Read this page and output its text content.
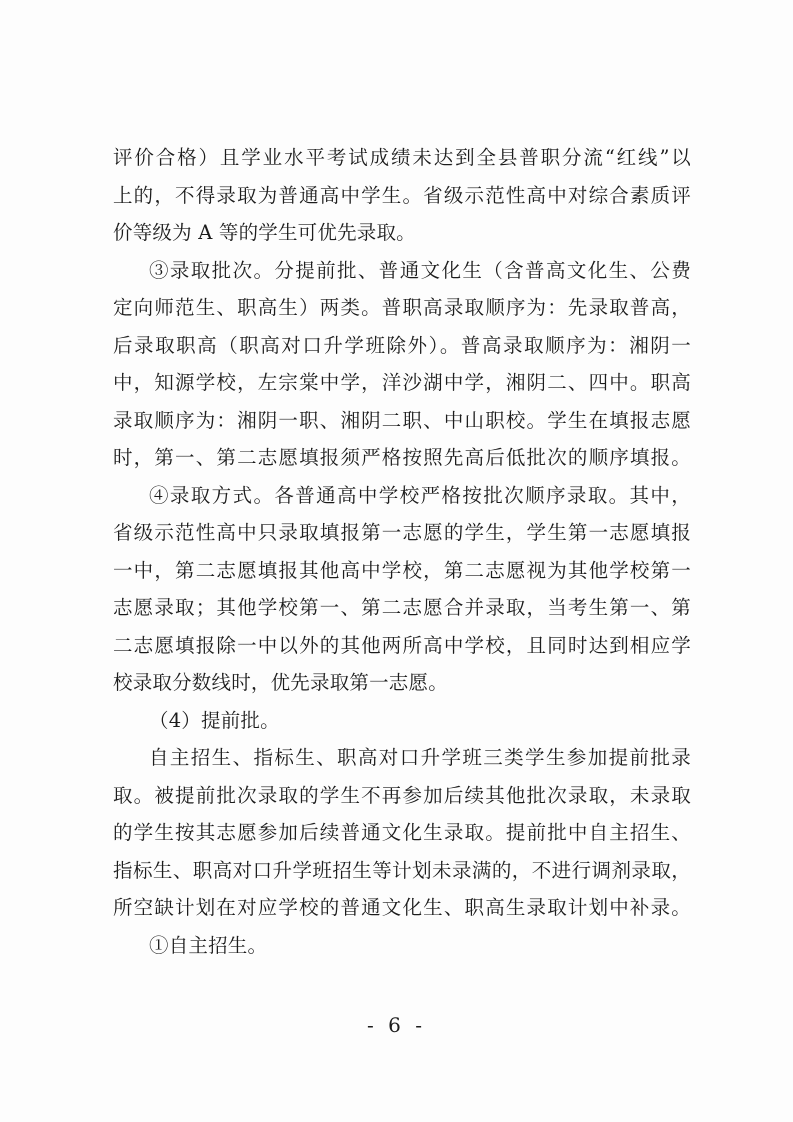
评价合格）且学业水平考试成绩未达到全县普职分流“红线”以
上的，不得录取为普通高中学生。省级示范性高中对综合素质评
价等级为 A 等的学生可优先录取。
③录取批次。分提前批、普通文化生（含普高文化生、公费
定向师范生、职高生）两类。普职高录取顺序为：先录取普高，
后录取职高（职高对口升学班除外）。普高录取顺序为：湘阴一
中，知源学校，左宗棠中学，洋沙湖中学，湘阴二、四中。职高
录取顺序为：湘阴一职、湘阴二职、中山职校。学生在填报志愿
时，第一、第二志愿填报须严格按照先高后低批次的顺序填报。
④录取方式。各普通高中学校严格按批次顺序录取。其中，
省级示范性高中只录取填报第一志愿的学生，学生第一志愿填报
一中，第二志愿填报其他高中学校，第二志愿视为其他学校第一
志愿录取；其他学校第一、第二志愿合并录取，当考生第一、第
二志愿填报除一中以外的其他两所高中学校，且同时达到相应学
校录取分数线时，优先录取第一志愿。
（4）提前批。
自主招生、指标生、职高对口升学班三类学生参加提前批录
取。被提前批次录取的学生不再参加后续其他批次录取，未录取
的学生按其志愿参加后续普通文化生录取。提前批中自主招生、
指标生、职高对口升学班招生等计划未录满的，不进行调剂录取，
所空缺计划在对应学校的普通文化生、职高生录取计划中补录。
①自主招生。
- 6 -
